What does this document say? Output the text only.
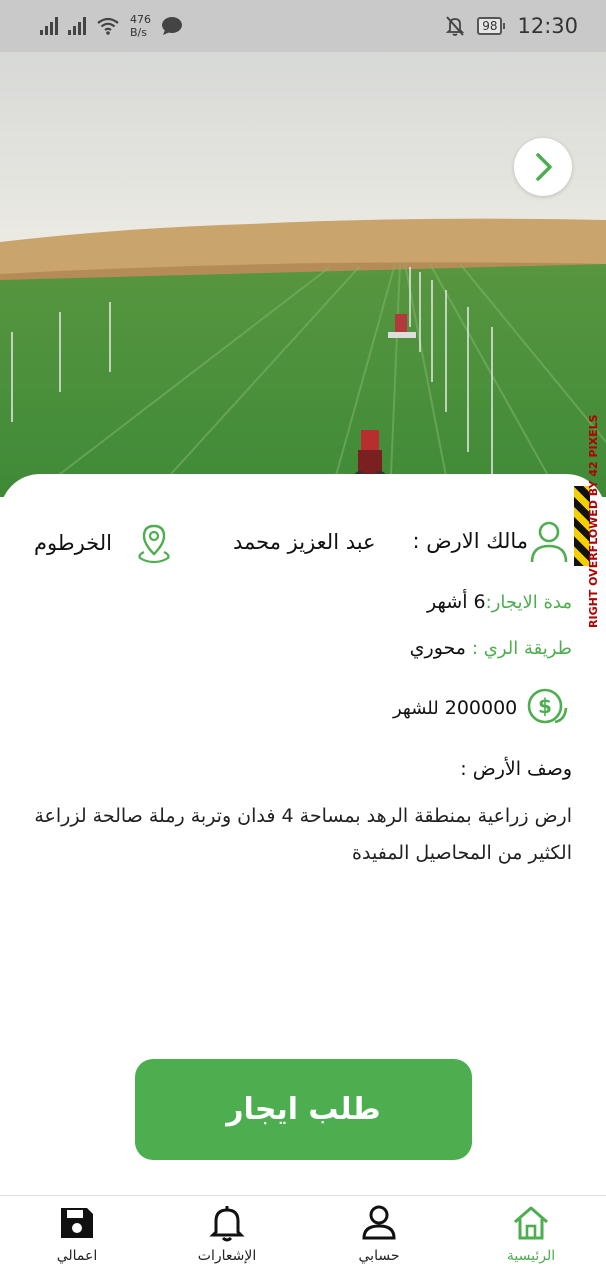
476
B/s	98 12:30
RIGHT OVERFLOWED BY 42 PIXELS
مالك الارض :
عبد العزيز محمد
الخرطوم
مدة الايجار:
6 أشهر
طريقة الري :
محوري
للشهر 200000 $
وصف الأرض :
ارض زراعية بمنطقة الرهد بمساحة 4 فدان وتربة رملة صالحة لزراعة الكثير من المحاصيل المفيدة
طلب ايجار
الرئيسية
حسابي
الإشعارات
اعمالي
